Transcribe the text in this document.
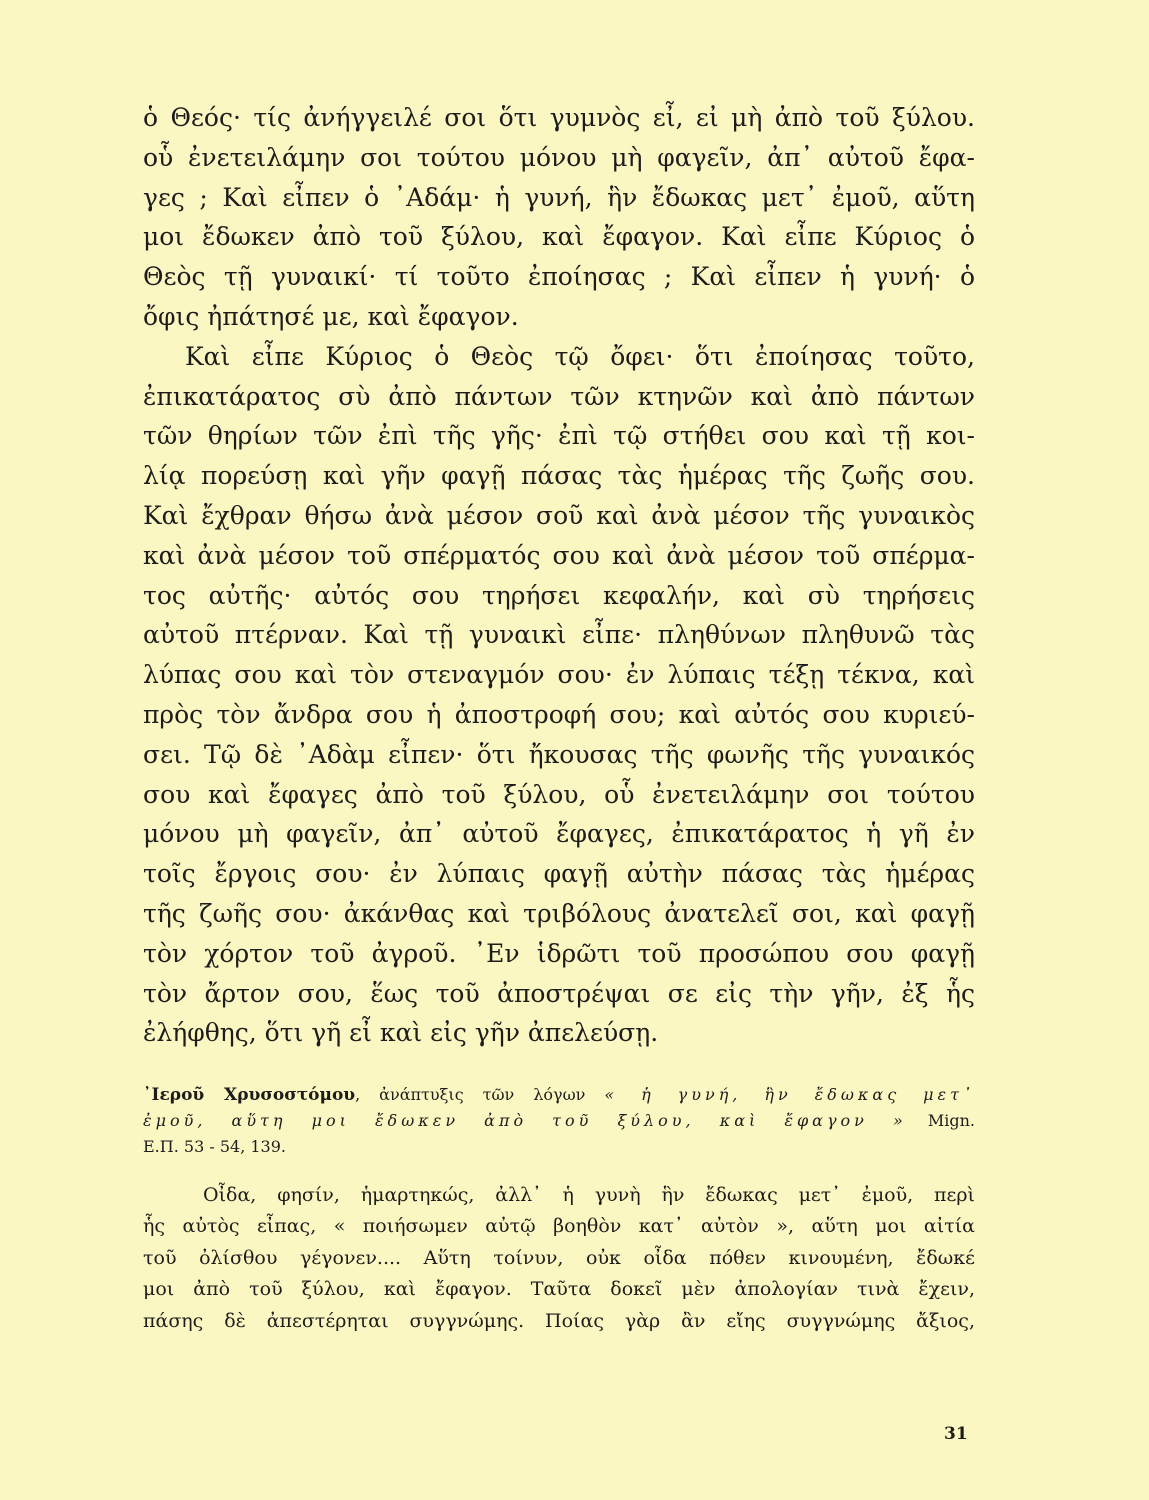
ὁ Θεός· τίς ἀνήγγειλέ σοι ὅτι γυμνὸς εἶ, εἰ μὴ ἀπὸ τοῦ ξύλου.
οὗ ἐνετειλάμην σοι τούτου μόνου μὴ φαγεῖν, ἀπ᾽ αὐτοῦ ἔφα-
γες ; Καὶ εἶπεν ὁ ᾿Αδάμ· ἡ γυνή, ἣν ἔδωκας μετ᾽ ἐμοῦ, αὕτη
μοι ἔδωκεν ἀπὸ τοῦ ξύλου, καὶ ἔφαγον. Καὶ εἶπε Κύριος ὁ
Θεὸς τῇ γυναικί· τί τοῦτο ἐποίησας ; Καὶ εἶπεν ἡ γυνή· ὁ
ὄφις ἠπάτησέ με, καὶ ἔφαγον.
Καὶ εἶπε Κύριος ὁ Θεὸς τῷ ὄφει· ὅτι ἐποίησας τοῦτο,
ἐπικατάρατος σὺ ἀπὸ πάντων τῶν κτηνῶν καὶ ἀπὸ πάντων
τῶν θηρίων τῶν ἐπὶ τῆς γῆς· ἐπὶ τῷ στήθει σου καὶ τῇ κοι-
λίᾳ πορεύσῃ καὶ γῆν φαγῇ πάσας τὰς ἡμέρας τῆς ζωῆς σου.
Καὶ ἔχθραν θήσω ἀνὰ μέσον σοῦ καὶ ἀνὰ μέσον τῆς γυναικὸς
καὶ ἀνὰ μέσον τοῦ σπέρματός σου καὶ ἀνὰ μέσον τοῦ σπέρμα-
τος αὐτῆς· αὐτός σου τηρήσει κεφαλήν, καὶ σὺ τηρήσεις
αὐτοῦ πτέρναν. Καὶ τῇ γυναικὶ εἶπε· πληθύνων πληθυνῶ τὰς
λύπας σου καὶ τὸν στεναγμόν σου· ἐν λύπαις τέξῃ τέκνα, καὶ
πρὸς τὸν ἄνδρα σου ἡ ἀποστροφή σου; καὶ αὐτός σου κυριεύ-
σει. Τῷ δὲ ᾿Αδὰμ εἶπεν· ὅτι ἤκουσας τῆς φωνῆς τῆς γυναικός
σου καὶ ἔφαγες ἀπὸ τοῦ ξύλου, οὗ ἐνετειλάμην σοι τούτου
μόνου μὴ φαγεῖν, ἀπ᾽ αὐτοῦ ἔφαγες, ἐπικατάρατος ἡ γῆ ἐν
τοῖς ἔργοις σου· ἐν λύπαις φαγῇ αὐτὴν πάσας τὰς ἡμέρας
τῆς ζωῆς σου· ἀκάνθας καὶ τριβόλους ἀνατελεῖ σοι, καὶ φαγῇ
τὸν χόρτον τοῦ ἀγροῦ. ᾿Εν ἱδρῶτι τοῦ προσώπου σου φαγῇ
τὸν ἄρτον σου, ἕως τοῦ ἀποστρέψαι σε εἰς τὴν γῆν, ἐξ ἧς
ἐλήφθης, ὅτι γῆ εἶ καὶ εἰς γῆν ἀπελεύσῃ.
᾿Ιεροῦ Χρυσοστόμου, ἀνάπτυξις τῶν λόγων « ἡ γυνή, ἣν ἔδωκας μετ᾽
ἐμοῦ, αὕτη μοι ἔδωκεν ἀπὸ τοῦ ξύλου, καὶ ἔφαγον » Mign.
Ε.Π. 53 - 54, 139.
Οἶδα, φησίν, ἡμαρτηκώς, ἀλλ᾽ ἡ γυνὴ ἣν ἔδωκας μετ᾽ ἐμοῦ, περὶ
ἧς αὐτὸς εἶπας, « ποιήσωμεν αὐτῷ βοηθὸν κατ᾽ αὐτὸν », αὕτη μοι αἰτία
τοῦ ὀλίσθου γέγονεν.... Αὕτη τοίνυν, οὐκ οἶδα πόθεν κινουμένη, ἔδωκέ
μοι ἀπὸ τοῦ ξύλου, καὶ ἔφαγον. Ταῦτα δοκεῖ μὲν ἀπολογίαν τινὰ ἔχειν,
πάσης δὲ ἀπεστέρηται συγγνώμης. Ποίας γὰρ ἂν εἴης συγγνώμης ἄξιος,
31
